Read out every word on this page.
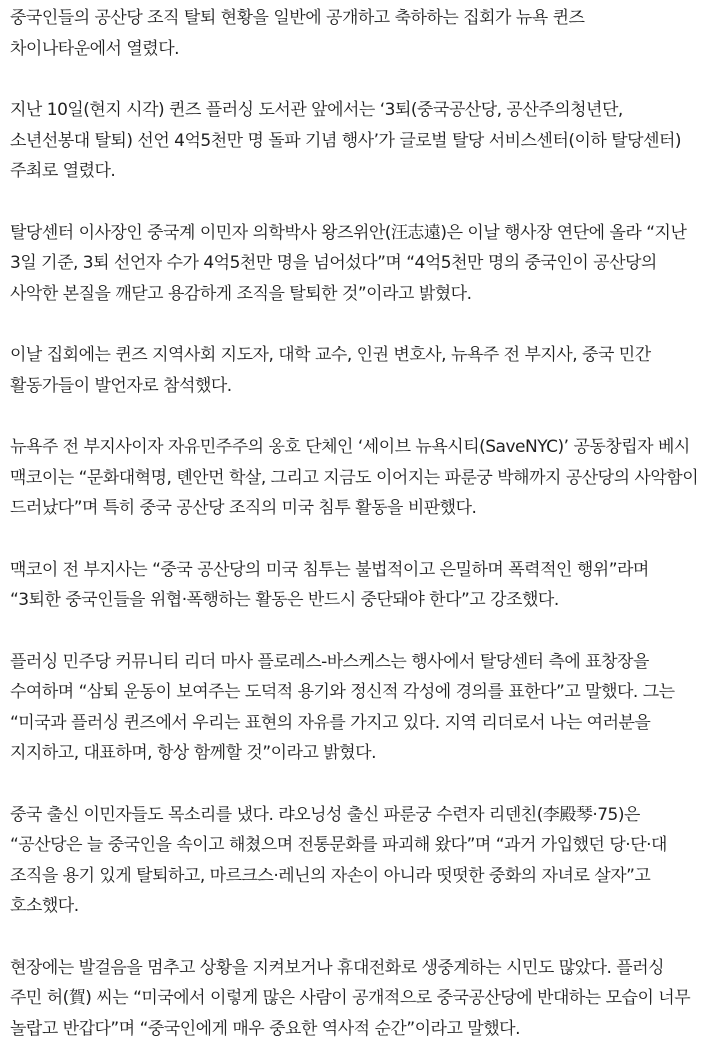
중국인들의 공산당 조직 탈퇴 현황을 일반에 공개하고 축하하는 집회가 뉴욕 퀸즈 차이나타운에서 열렸다.

지난 10일(현지 시각) 퀸즈 플러싱 도서관 앞에서는 ‘3퇴(중국공산당, 공산주의청년단, 소년선봉대 탈퇴) 선언 4억5천만 명 돌파 기념 행사’가 글로벌 탈당 서비스센터(이하 탈당센터) 주최로 열렸다.

탈당센터 이사장인 중국계 이민자 의학박사 왕즈위안(汪志遠)은 이날 행사장 연단에 올라 “지난 3일 기준, 3퇴 선언자 수가 4억5천만 명을 넘어섰다”며 “4억5천만 명의 중국인이 공산당의 사악한 본질을 깨닫고 용감하게 조직을 탈퇴한 것”이라고 밝혔다.

이날 집회에는 퀸즈 지역사회 지도자, 대학 교수, 인권 변호사, 뉴욕주 전 부지사, 중국 민간 활동가들이 발언자로 참석했다.

뉴욕주 전 부지사이자 자유민주주의 옹호 단체인 ‘세이브 뉴욕시티(SaveNYC)’ 공동창립자 베시 맥코이는 “문화대혁명, 톈안먼 학살, 그리고 지금도 이어지는 파룬궁 박해까지 공산당의 사악함이 드러났다”며 특히 중국 공산당 조직의 미국 침투 활동을 비판했다.

맥코이 전 부지사는 “중국 공산당의 미국 침투는 불법적이고 은밀하며 폭력적인 행위”라며 “3퇴한 중국인들을 위협·폭행하는 활동은 반드시 중단돼야 한다”고 강조했다.

플러싱 민주당 커뮤니티 리더 마사 플로레스-바스케스는 행사에서 탈당센터 측에 표창장을 수여하며 “삼퇴 운동이 보여주는 도덕적 용기와 정신적 각성에 경의를 표한다”고 말했다. 그는 “미국과 플러싱 퀸즈에서 우리는 표현의 자유를 가지고 있다. 지역 리더로서 나는 여러분을 지지하고, 대표하며, 항상 함께할 것”이라고 밝혔다.

중국 출신 이민자들도 목소리를 냈다. 랴오닝성 출신 파룬궁 수련자 리덴친(李殿琴·75)은 “공산당은 늘 중국인을 속이고 해쳤으며 전통문화를 파괴해 왔다”며 “과거 가입했던 당·단·대 조직을 용기 있게 탈퇴하고, 마르크스·레닌의 자손이 아니라 떳떳한 중화의 자녀로 살자”고 호소했다.

현장에는 발걸음을 멈추고 상황을 지켜보거나 휴대전화로 생중계하는 시민도 많았다. 플러싱 주민 허(賀) 씨는 “미국에서 이렇게 많은 사람이 공개적으로 중국공산당에 반대하는 모습이 너무 놀랍고 반갑다”며 “중국인에게 매우 중요한 역사적 순간”이라고 말했다.
